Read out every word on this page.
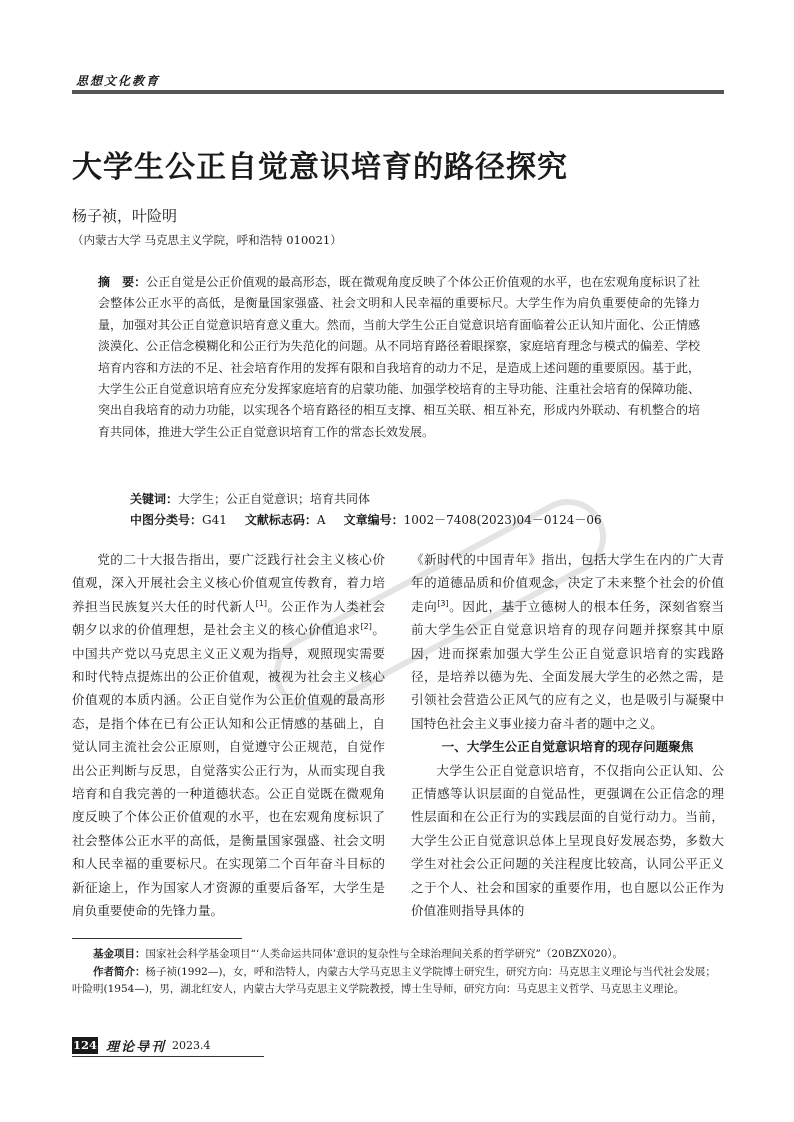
思想文化教育
大学生公正自觉意识培育的路径探究
杨子祯，叶险明
（内蒙古大学 马克思主义学院，呼和浩特 010021）
摘　要：公正自觉是公正价值观的最高形态，既在微观角度反映了个体公正价值观的水平，也在宏观角度标识了社会整体公正水平的高低，是衡量国家强盛、社会文明和人民幸福的重要标尺。大学生作为肩负重要使命的先锋力量，加强对其公正自觉意识培育意义重大。然而，当前大学生公正自觉意识培育面临着公正认知片面化、公正情感淡漠化、公正信念模糊化和公正行为失范化的问题。从不同培育路径着眼探察，家庭培育理念与模式的偏差、学校培育内容和方法的不足、社会培育作用的发挥有限和自我培育的动力不足，是造成上述问题的重要原因。基于此，大学生公正自觉意识培育应充分发挥家庭培育的启蒙功能、加强学校培育的主导功能、注重社会培育的保障功能、突出自我培育的动力功能，以实现各个培育路径的相互支撑、相互关联、相互补充，形成内外联动、有机整合的培育共同体，推进大学生公正自觉意识培育工作的常态长效发展。
关键词：大学生；公正自觉意识；培育共同体
中图分类号：G41 文献标志码：A 文章编号：1002－7408(2023)04－0124－06

党的二十大报告指出，要广泛践行社会主义核心价值观，深入开展社会主义核心价值观宣传教育，着力培养担当民族复兴大任的时代新人[1]。公正作为人类社会朝夕以求的价值理想，是社会主义的核心价值追求[2]。中国共产党以马克思主义正义观为指导，观照现实需要和时代特点提炼出的公正价值观，被视为社会主义核心价值观的本质内涵。公正自觉作为公正价值观的最高形态，是指个体在已有公正认知和公正情感的基础上，自觉认同主流社会公正原则，自觉遵守公正规范，自觉作出公正判断与反思，自觉落实公正行为，从而实现自我培育和自我完善的一种道德状态。公正自觉既在微观角度反映了个体公正价值观的水平，也在宏观角度标识了社会整体公正水平的高低，是衡量国家强盛、社会文明和人民幸福的重要标尺。在实现第二个百年奋斗目标的新征途上，作为国家人才资源的重要后备军，大学生是肩负重要使命的先锋力量。

《新时代的中国青年》指出，包括大学生在内的广大青年的道德品质和价值观念，决定了未来整个社会的价值走向[3]。因此，基于立德树人的根本任务，深刻省察当前大学生公正自觉意识培育的现存问题并探察其中原因，进而探索加强大学生公正自觉意识培育的实践路径，是培养以德为先、全面发展大学生的必然之需，是引领社会营造公正风气的应有之义，也是吸引与凝聚中国特色社会主义事业接力奋斗者的题中之义。

一、大学生公正自觉意识培育的现存问题聚焦

大学生公正自觉意识培育，不仅指向公正认知、公正情感等认识层面的自觉品性，更强调在公正信念的理性层面和在公正行为的实践层面的自觉行动力。当前，大学生公正自觉意识总体上呈现良好发展态势，多数大学生对社会公正问题的关注程度比较高，认同公平正义之于个人、社会和国家的重要作用，也自愿以公正作为价值准则指导具体的

基金项目：国家社会科学基金项目“‘人类命运共同体’意识的复杂性与全球治理间关系的哲学研究”（20BZX020）。

作者简介：杨子祯(1992—)，女，呼和浩特人，内蒙古大学马克思主义学院博士研究生，研究方向：马克思主义理论与当代社会发展；叶险明(1954—)，男，湖北红安人，内蒙古大学马克思主义学院教授，博士生导师，研究方向：马克思主义哲学、马克思主义理论。

124 理论导刊 2023.4
